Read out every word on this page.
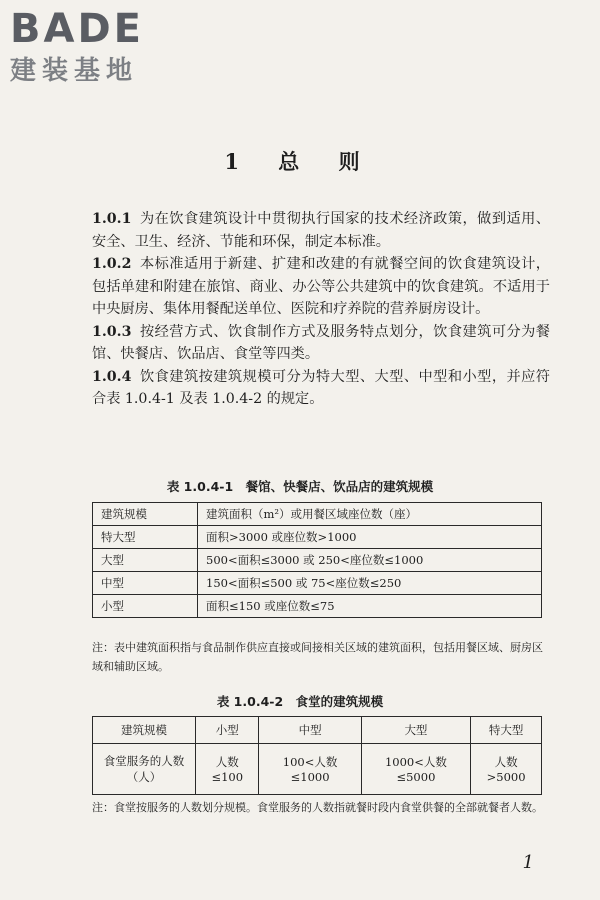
BADE
建装基地
1 总 则

1.0.1 为在饮食建筑设计中贯彻执行国家的技术经济政策，做到适用、安全、卫生、经济、节能和环保，制定本标准。

1.0.2 本标准适用于新建、扩建和改建的有就餐空间的饮食建筑设计，包括单建和附建在旅馆、商业、办公等公共建筑中的饮食建筑。不适用于中央厨房、集体用餐配送单位、医院和疗养院的营养厨房设计。

1.0.3 按经营方式、饮食制作方式及服务特点划分，饮食建筑可分为餐馆、快餐店、饮品店、食堂等四类。

1.0.4 饮食建筑按建筑规模可分为特大型、大型、中型和小型，并应符合表 1.0.4-1 及表 1.0.4-2 的规定。

表 1.0.4-1　餐馆、快餐店、饮品店的建筑规模
建筑规模	建筑面积（m²）或用餐区域座位数（座）
特大型	面积>3000 或座位数>1000
大型	500<面积≤3000 或 250<座位数≤1000
中型	150<面积≤500 或 75<座位数≤250
小型	面积≤150 或座位数≤75
注：表中建筑面积指与食品制作供应直接或间接相关区域的建筑面积，包括用餐区域、厨房区域和辅助区域。
表 1.0.4-2　食堂的建筑规模
建筑规模	小型	中型	大型	特大型
食堂服务的人数（人）	人数≤100	100<人数≤1000	1000<人数≤5000	人数>5000
注：食堂按服务的人数划分规模。食堂服务的人数指就餐时段内食堂供餐的全部就餐者人数。
1
